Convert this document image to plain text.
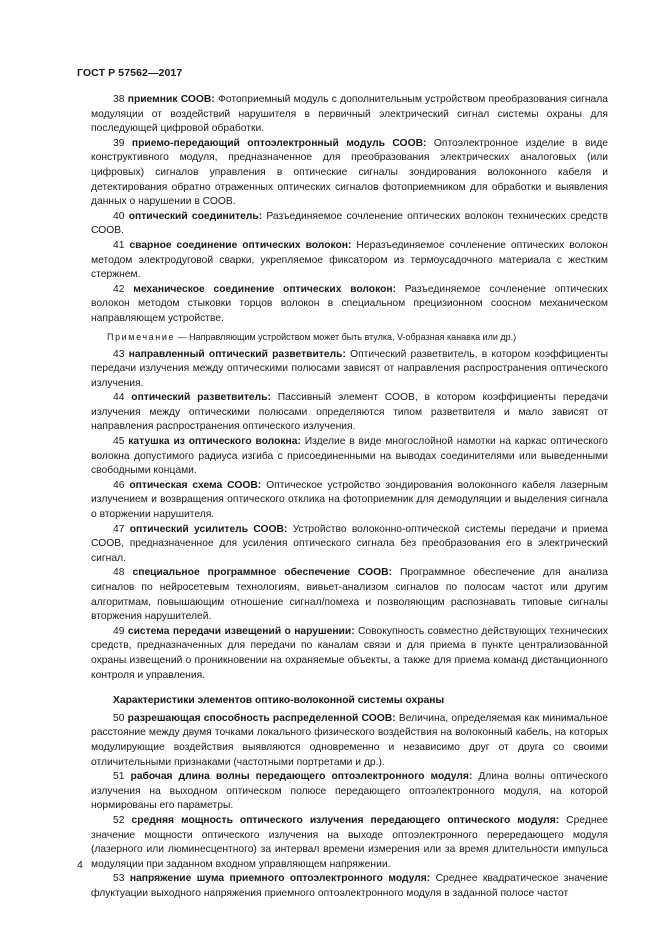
ГОСТ Р 57562—2017

38 приемник СООВ: Фотоприемный модуль с дополнительным устройством преобразования сигнала модуляции от воздействий нарушителя в первичный электрический сигнал системы охраны для последующей цифровой обработки.

39 приемо-передающий оптоэлектронный модуль СООВ: Оптоэлектронное изделие в виде конструктивного модуля, предназначенное для преобразования электрических аналоговых (или цифровых) сигналов управления в оптические сигналы зондирования волоконного кабеля и детектирования обратно отраженных оптических сигналов фотоприемником для обработки и выявления данных о нарушении в СООВ.

40 оптический соединитель: Разъединяемое сочленение оптических волокон технических средств СООВ.

41 сварное соединение оптических волокон: Неразъединяемое сочленение оптических волокон методом электродуговой сварки, укрепляемое фиксатором из термоусадочного материала с жестким стержнем.

42 механическое соединение оптических волокон: Разъединяемое сочленение оптических волокон методом стыковки торцов волокон в специальном прецизионном соосном механическом направляющем устройстве.

Примечание — Направляющим устройством может быть втулка, V-образная канавка или др.)

43 направленный оптический разветвитель: Оптический разветвитель, в котором коэффициенты передачи излучения между оптическими полюсами зависят от направления распространения оптического излучения.

44 оптический разветвитель: Пассивный элемент СООВ, в котором коэффициенты передачи излучения между оптическими полюсами определяются типом разветвителя и мало зависят от направления распространения оптического излучения.

45 катушка из оптического волокна: Изделие в виде многослойной намотки на каркас оптического волокна допустимого радиуса изгиба с присоединенными на выводах соединителями или выведенными свободными концами.

46 оптическая схема СООВ: Оптическое устройство зондирования волоконного кабеля лазерным излучением и возвращения оптического отклика на фотоприемник для демодуляции и выделения сигнала о вторжении нарушителя.

47 оптический усилитель СООВ: Устройство волоконно-оптической системы передачи и приема СООВ, предназначенное для усиления оптического сигнала без преобразования его в электрический сигнал.

48 специальное программное обеспечение СООВ: Программное обеспечение для анализа сигналов по нейросетевым технологиям, вивьет-анализом сигналов по полосам частот или другим алгоритмам, повышающим отношение сигнал/помеха и позволяющим распознавать типовые сигналы вторжения нарушителей.

49 система передачи извещений о нарушении: Совокупность совместно действующих технических средств, предназначенных для передачи по каналам связи и для приема в пункте централизованной охраны извещений о проникновении на охраняемые объекты, а также для приема команд дистанционного контроля и управления.

Характеристики элементов оптико-волоконной системы охраны

50 разрешающая способность распределенной СООВ: Величина, определяемая как минимальное расстояние между двумя точками локального физического воздействия на волоконный кабель, на которых модулирующие воздействия выявляются одновременно и независимо друг от друга со своими отличительными признаками (частотными портретами и др.).

51 рабочая длина волны передающего оптоэлектронного модуля: Длина волны оптического излучения на выходном оптическом полюсе передающего оптоэлектронного модуля, на которой нормированы его параметры.

52 средняя мощность оптического излучения передающего оптического модуля: Среднее значение мощности оптического излучения на выходе оптоэлектронного перередающего модуля (лазерного или люминесцентного) за интервал времени измерения или за время длительности импульса модуляции при заданном входном управляющем напряжении.

53 напряжение шума приемного оптоэлектронного модуля: Среднее квадратическое значение флуктуации выходного напряжения приемного оптоэлектронного модуля в заданной полосе частот

4
